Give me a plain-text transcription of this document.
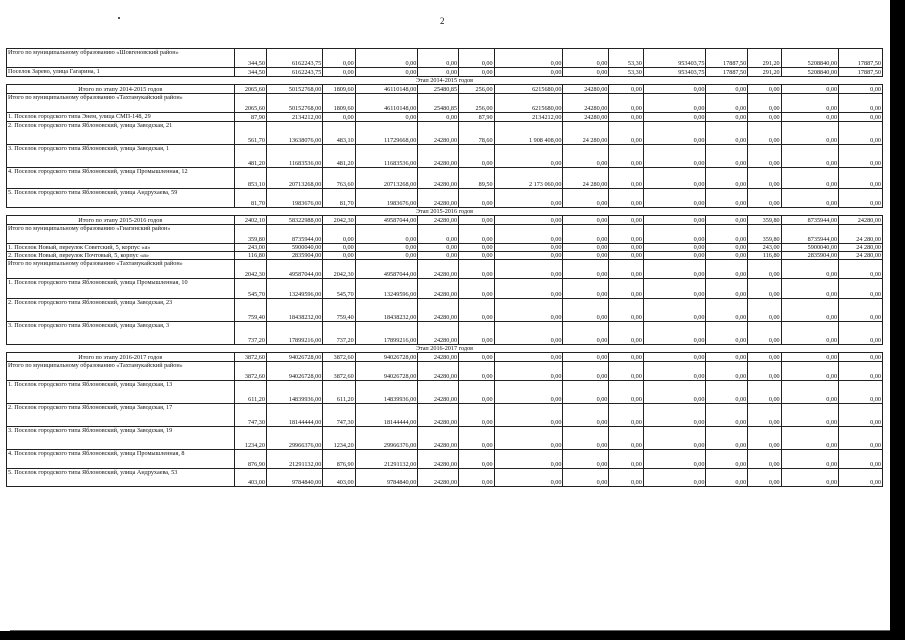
2
Итого по муниципальному образованию «Шовгеновский район»	344,50	6162243,75	0,00	0,00	0,00	0,00	0,00	0,00	53,30	953403,75	17887,50	291,20	5208840,00	17887,50

Поселок Зарево, улица Гагарина, 1	344,50	6162243,75	0,00	0,00	0,00	0,00	0,00	0,00	53,30	953403,75	17887,50	291,20	5208840,00	17887,50
Этап 2014-2015 годов														

Итого по этапу 2014-2015 годов	2065,60	50152768,00	1809,60	46110148,00	25480,85	256,00	6215680,00	24280,00	0,00	0,00	0,00	0,00	0,00	0,00

Итого по муниципальному образованию «Тахтамукайский район»	2065,60	50152768,00	1809,60	46110148,00	25480,85	256,00	6215680,00	24280,00	0,00	0,00	0,00	0,00	0,00	0,00

1. Поселок городского типа Энем, улица СМП-148, 29	87,90	2134212,00	0,00	0,00	0,00	87,90	2134212,00	24280,00	0,00	0,00	0,00	0,00	0,00	0,00

2. Поселок городского типа Яблоновский, улица Заводская, 21	561,70	13638076,00	483,10	11729668,00	24280,00	78,60	1 908 408,00	24 280,00	0,00	0,00	0,00	0,00	0,00	0,00

3. Поселок городского типа Яблоновский, улица Заводская, 1	481,20	11683536,00	481,20	11683536,00	24280,00	0,00	0,00	0,00	0,00	0,00	0,00	0,00	0,00	0,00

4. Поселок городского типа Яблоновский, улица Промышленная, 12	853,10	20713268,00	763,60	20713268,00	24280,00	89,50	2 173 060,00	24 280,00	0,00	0,00	0,00	0,00	0,00	0,00

5. Поселок городского типа Яблоновский, улица Андрухаева, 59	81,70	1983676,00	81,70	1983676,00	24280,00	0,00	0,00	0,00	0,00	0,00	0,00	0,00	0,00	0,00
Этап 2015-2016 годов														

Итого по этапу 2015-2016 годов	2402,10	58322988,00	2042,30	49587044,00	24280,00	0,00	0,00	0,00	0,00	0,00	0,00	359,80	8735944,00	24280,00

Итого по муниципальному образованию «Гиагинский район»	359,80	8735944,00	0,00	0,00	0,00	0,00	0,00	0,00	0,00	0,00	0,00	359,80	8735944,00	24 280,00

1. Поселок Новый, переулок Советский, 5, корпус «а»	243,00	5900040,00	0,00	0,00	0,00	0,00	0,00	0,00	0,00	0,00	0,00	243,00	5900040,00	24 280,00

2. Поселок Новый, переулок Почтовый, 5, корпус «а»	116,80	2835904,00	0,00	0,00	0,00	0,00	0,00	0,00	0,00	0,00	0,00	116,80	2835904,00	24 280,00

Итого по муниципальному образованию «Тахтамукайский район»	2042,30	49587044,00	2042,30	49587044,00	24280,00	0,00	0,00	0,00	0,00	0,00	0,00	0,00	0,00	0,00

1. Поселок городского типа Яблоновский, улица Промышленная, 10	545,70	13249596,00	545,70	13249596,00	24280,00	0,00	0,00	0,00	0,00	0,00	0,00	0,00	0,00	0,00

2. Поселок городского типа Яблоновский, улица Заводская, 23	759,40	18438232,00	759,40	18438232,00	24280,00	0,00	0,00	0,00	0,00	0,00	0,00	0,00	0,00	0,00

3. Поселок городского типа Яблоновский, улица Заводская, 3	737,20	17899216,00	737,20	17899216,00	24280,00	0,00	0,00	0,00	0,00	0,00	0,00	0,00	0,00	0,00
Этап 2016-2017 годов														

Итого по этапу 2016-2017 годов	3872,60	94026728,00	3872,60	94026728,00	24280,00	0,00	0,00	0,00	0,00	0,00	0,00	0,00	0,00	0,00

Итого по муниципальному образованию «Тахтамукайский район»	3872,60	94026728,00	3872,60	94026728,00	24280,00	0,00	0,00	0,00	0,00	0,00	0,00	0,00	0,00	0,00

1. Поселок городского типа Яблоновский, улица Заводская, 13	611,20	14839936,00	611,20	14839936,00	24280,00	0,00	0,00	0,00	0,00	0,00	0,00	0,00	0,00	0,00

2. Поселок городского типа Яблоновский, улица Заводская, 17	747,30	18144444,00	747,30	18144444,00	24280,00	0,00	0,00	0,00	0,00	0,00	0,00	0,00	0,00	0,00

3. Поселок городского типа Яблоновский, улица Заводская, 19	1234,20	29966376,00	1234,20	29966376,00	24280,00	0,00	0,00	0,00	0,00	0,00	0,00	0,00	0,00	0,00

4. Поселок городского типа Яблоновский, улица Промышленная, 8	876,90	21291132,00	876,90	21291132,00	24280,00	0,00	0,00	0,00	0,00	0,00	0,00	0,00	0,00	0,00

5. Поселок городского типа Яблоновский, улица Андрухаева, 53	403,00	9784840,00	403,00	9784840,00	24280,00	0,00	0,00	0,00	0,00	0,00	0,00	0,00	0,00	0,00
